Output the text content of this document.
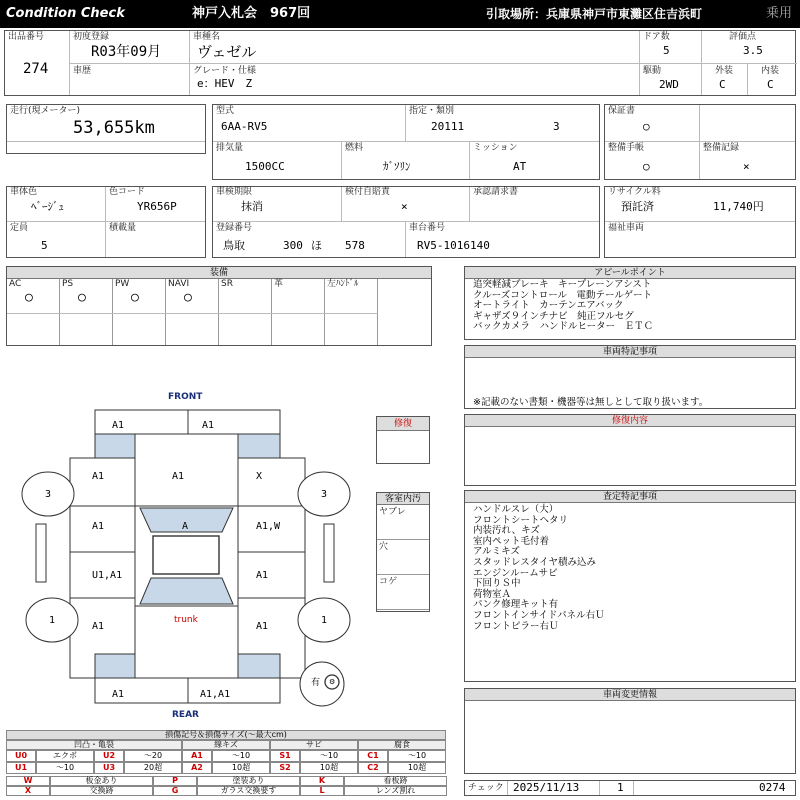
Condition Check	神戸入札会　967回	引取場所：兵庫県神戸市東灘区住吉浜町	乗用
出品番号
274
初度登録
R03年09月
車歴
車種名
ヴェゼル
グレード・仕様
e：HEV　Z
ドア数
5
駆動
2WD
評価点
3.5
外装
C
内装
C
走行(現メーター)
53,655km
型式
6AA-RV5
指定・類別
20111	3
排気量
1500CC
燃料
ｶﾞｿﾘﾝ
ミッション
AT
保証書
○
整備手帳
○
整備記録
×
車体色
ﾍﾞｰｼﾞｭ
色コード
YR656P
定員
5
積載量
車検期限
抹消
検付自賠責
×
承認請求書
登録番号
鳥取	300 ほ 578
車台番号
RV5-1016140
リサイクル料
預託済	11,740円
福祉車両
装備
AC
○
PS
○
PW
○
NAVI
○
SR	革	左ﾊﾝﾄﾞﾙ
FRONT
REAR
A1	A1
A1	A1	X
A1	A	A1,W
U1,A1	A1
A1	A1
trunk
A1	A1,A1
3	3
1	1
有 ⚙
修復
客室内汚
ヤブレ
穴
コゲ
アピールポイント
追突軽減ブレーキ　キープレーンアシスト
クルーズコントロール　電動テールゲート
オートライト　カーテンエアバック
ギャザズ９インチナビ　純正フルセグ
バックカメラ　ハンドルヒーター　ＥＴＣ
車両特記事項
※記載のない書類・機器等は無しとして取り扱います。
修復内容
査定特記事項
ハンドルスレ（大）
フロントシートヘタリ
内装汚れ、キズ
室内ペット毛付着
アルミキズ
スタッドレスタイヤ積み込み
エンジンルームサビ
下回りＳ中
荷物室Ａ
パンク修理キット有
フロントインサイドパネル右Ｕ
フロントピラー右Ｕ
車両変更情報
チェック 2025/11/13	1	0274
損傷記号＆損傷サイズ(～最大cm)
凹凸・亀裂	線キズ	サビ	腐食
U0	エクボ	U2	～20	A1	～10	S1	～10	C1	～10
U1	～10	U3	20超	A2	10超	S2	10超	C2	10超
W	板金あり	P	塗装あり	K	看板跡
X	交換跡	G	ガラス交換要す	L	レンズ割れ
